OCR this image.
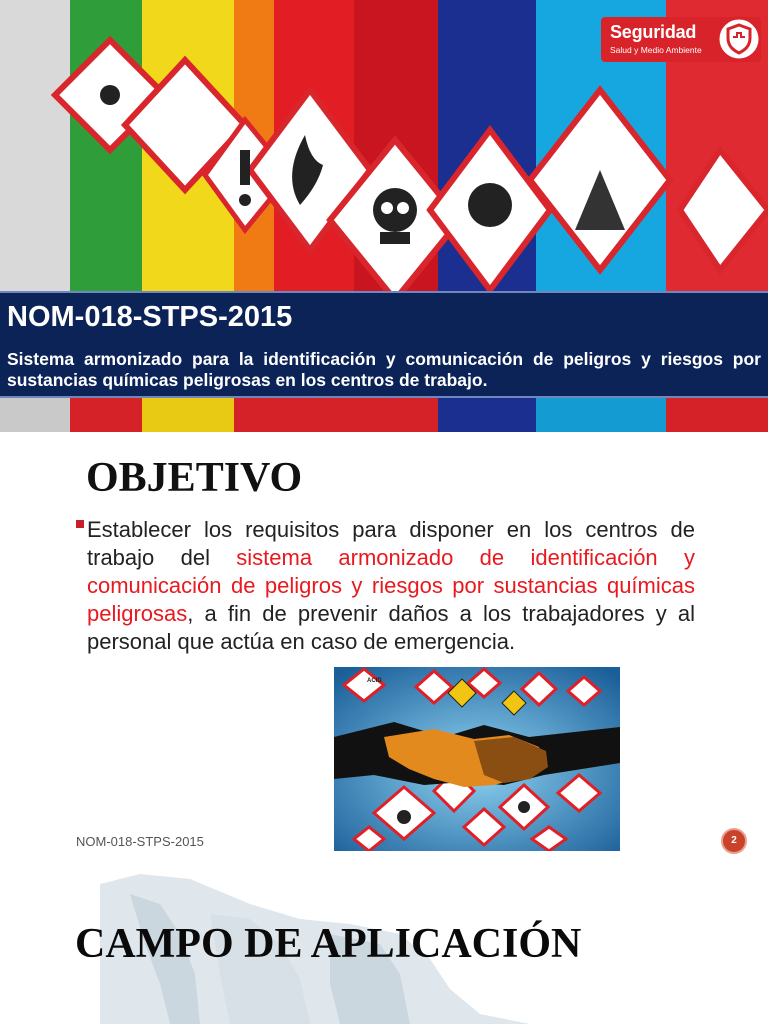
Seguridad
Salud y Medio Ambiente
NOM-018-STPS-2015
Sistema armonizado para la identificación y comunicación de peligros y riesgos por sustancias químicas peligrosas en los centros de trabajo.
OBJETIVO
Establecer los requisitos para disponer en los centros de trabajo del sistema armonizado de identificación y comunicación de peligros y riesgos por sustancias químicas peligrosas, a fin de prevenir daños a los trabajadores y al personal que actúa en caso de emergencia.
ACID
NOM-018-STPS-2015	2
CAMPO DE APLICACIÓN
